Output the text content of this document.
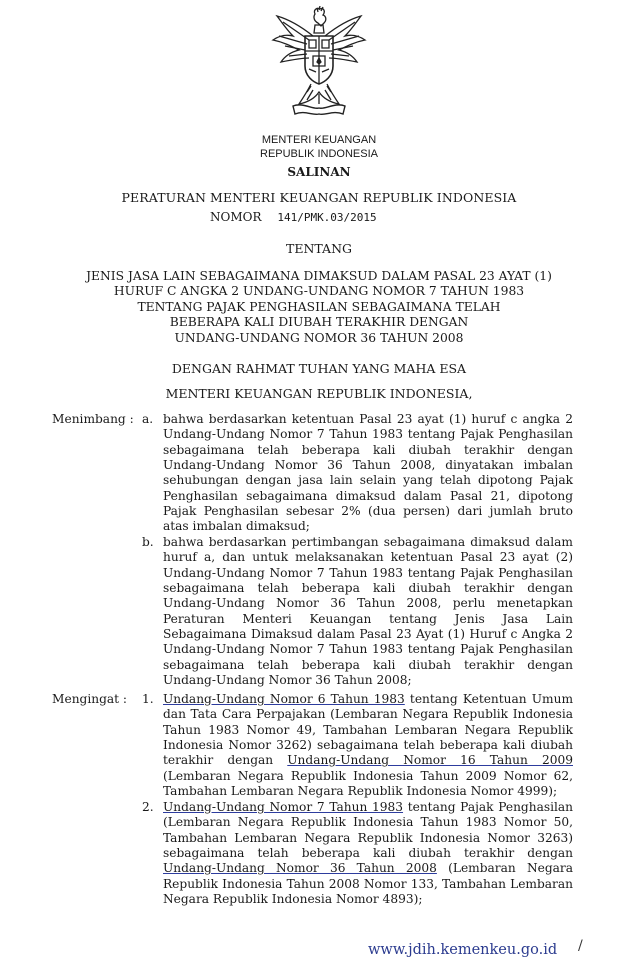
MENTERI KEUANGAN
REPUBLIK INDONESIA
SALINAN
PERATURAN MENTERI KEUANGAN REPUBLIK INDONESIA
NOMOR 141/PMK.03/2015
TENTANG
JENIS JASA LAIN SEBAGAIMANA DIMAKSUD DALAM PASAL 23 AYAT (1)
HURUF C ANGKA 2 UNDANG-UNDANG NOMOR 7 TAHUN 1983
TENTANG PAJAK PENGHASILAN SEBAGAIMANA TELAH
BEBERAPA KALI DIUBAH TERAKHIR DENGAN
UNDANG-UNDANG NOMOR 36 TAHUN 2008
DENGAN RAHMAT TUHAN YANG MAHA ESA
MENTERI KEUANGAN REPUBLIK INDONESIA,
Menimbang : a. bahwa berdasarkan ketentuan Pasal 23 ayat (1) huruf c angka 2 Undang-Undang Nomor 7 Tahun 1983 tentang Pajak Penghasilan sebagaimana telah beberapa kali diubah terakhir dengan Undang-Undang Nomor 36 Tahun 2008, dinyatakan imbalan sehubungan dengan jasa lain selain yang telah dipotong Pajak Penghasilan sebagaimana dimaksud dalam Pasal 21, dipotong Pajak Penghasilan sebesar 2% (dua persen) dari jumlah bruto atas imbalan dimaksud;
b. bahwa berdasarkan pertimbangan sebagaimana dimaksud dalam huruf a, dan untuk melaksanakan ketentuan Pasal 23 ayat (2) Undang-Undang Nomor 7 Tahun 1983 tentang Pajak Penghasilan sebagaimana telah beberapa kali diubah terakhir dengan Undang-Undang Nomor 36 Tahun 2008, perlu menetapkan Peraturan Menteri Keuangan tentang Jenis Jasa Lain Sebagaimana Dimaksud dalam Pasal 23 Ayat (1) Huruf c Angka 2 Undang-Undang Nomor 7 Tahun 1983 tentang Pajak Penghasilan sebagaimana telah beberapa kali diubah terakhir dengan Undang-Undang Nomor 36 Tahun 2008;
Mengingat : 1. Undang-Undang Nomor 6 Tahun 1983 tentang Ketentuan Umum dan Tata Cara Perpajakan (Lembaran Negara Republik Indonesia Tahun 1983 Nomor 49, Tambahan Lembaran Negara Republik Indonesia Nomor 3262) sebagaimana telah beberapa kali diubah terakhir dengan Undang-Undang Nomor 16 Tahun 2009 (Lembaran Negara Republik Indonesia Tahun 2009 Nomor 62, Tambahan Lembaran Negara Republik Indonesia Nomor 4999);
2. Undang-Undang Nomor 7 Tahun 1983 tentang Pajak Penghasilan (Lembaran Negara Republik Indonesia Tahun 1983 Nomor 50, Tambahan Lembaran Negara Republik Indonesia Nomor 3263) sebagaimana telah beberapa kali diubah terakhir dengan Undang-Undang Nomor 36 Tahun 2008 (Lembaran Negara Republik Indonesia Tahun 2008 Nomor 133, Tambahan Lembaran Negara Republik Indonesia Nomor 4893);
www.jdih.kemenkeu.go.id /
